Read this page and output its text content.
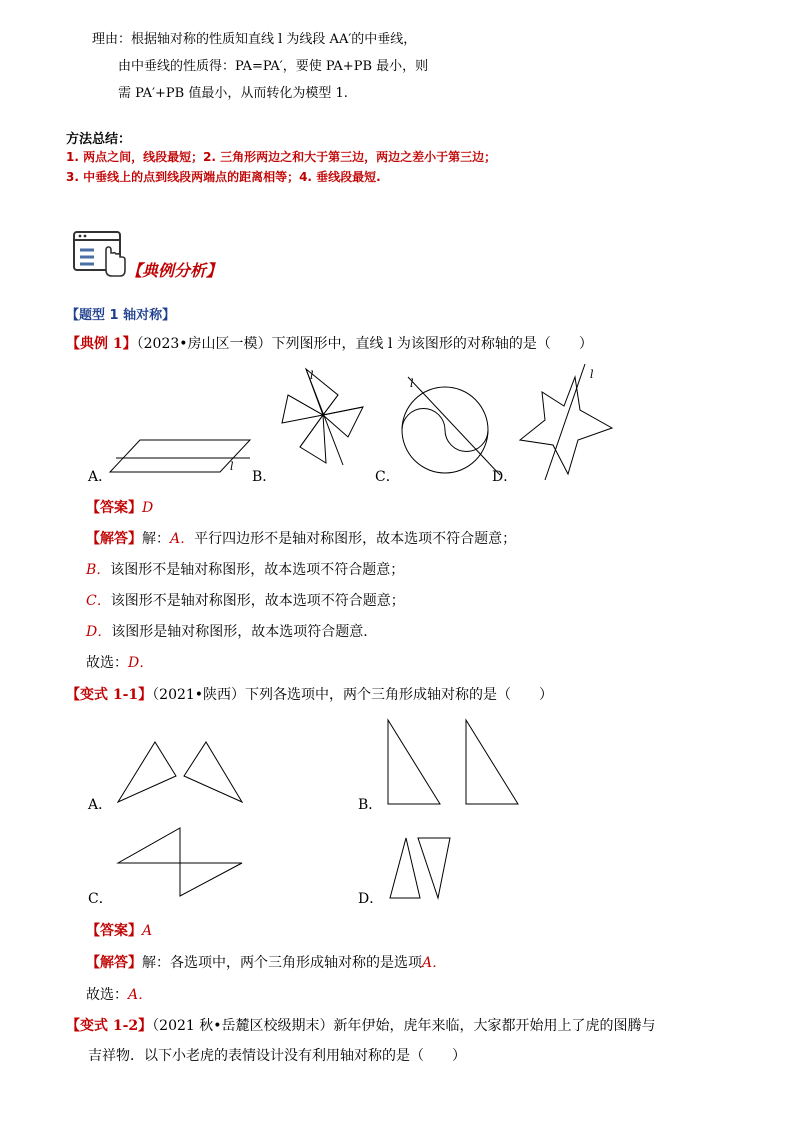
理由：根据轴对称的性质知直线 l 为线段 AA′的中垂线，
由中垂线的性质得：PA=PA′，要使 PA+PB 最小，则
需 PA′+PB 值最小，从而转化为模型 1.
方法总结：
1. 两点之间，线段最短；2. 三角形两边之和大于第三边，两边之差小于第三边；
3. 中垂线上的点到线段两端点的距离相等；4. 垂线段最短.
【典例分析】
【题型 1 轴对称】
【典例 1】（2023•房山区一模）下列图形中，直线 l 为该图形的对称轴的是（　　）
A．
l
B．
l
C．
l
D．
l
【答案】D
【解答】解：A．平行四边形不是轴对称图形，故本选项不符合题意；
B．该图形不是轴对称图形，故本选项不符合题意；
C．该图形不是轴对称图形，故本选项不符合题意；
D．该图形是轴对称图形，故本选项符合题意.
故选：D．
【变式 1-1】（2021•陕西）下列各选项中，两个三角形成轴对称的是（　　）
A．	B．
C．	D．
【答案】A
【解答】解：各选项中，两个三角形成轴对称的是选项A．
故选：A．
【变式 1-2】（2021 秋•岳麓区校级期末）新年伊始，虎年来临，大家都开始用上了虎的图腾与
吉祥物．以下小老虎的表情设计没有利用轴对称的是（　　）
